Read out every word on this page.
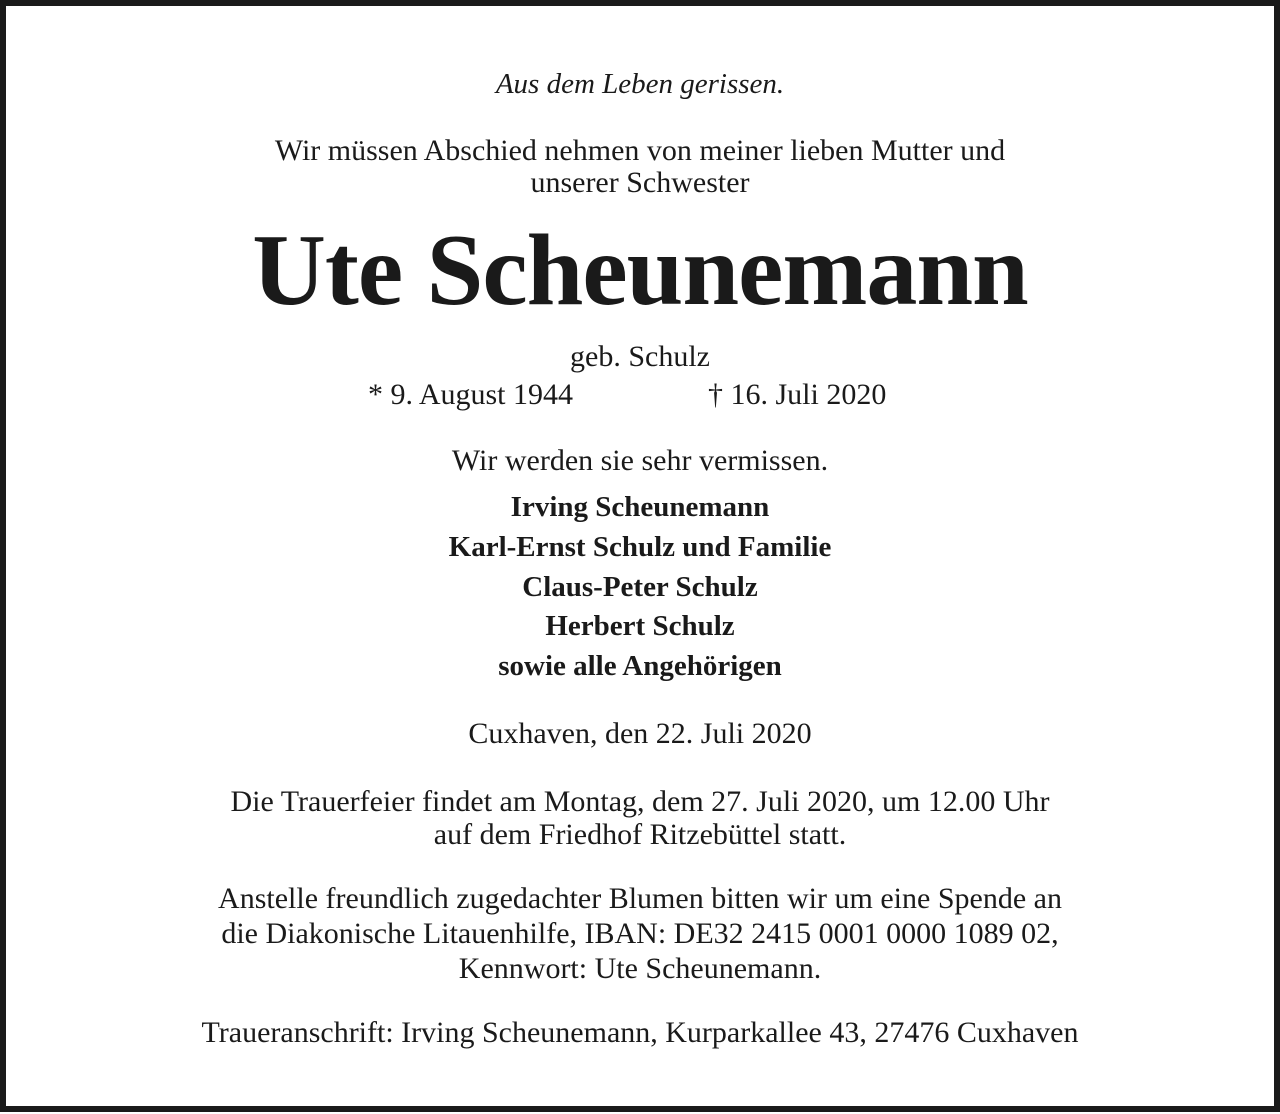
Aus dem Leben gerissen.
Wir müssen Abschied nehmen von meiner lieben Mutter und
unserer Schwester
Ute Scheunemann
geb. Schulz
* 9. August 1944	† 16. Juli 2020
Wir werden sie sehr vermissen.
Irving Scheunemann
Karl-Ernst Schulz und Familie
Claus-Peter Schulz
Herbert Schulz
sowie alle Angehörigen
Cuxhaven, den 22. Juli 2020
Die Trauerfeier findet am Montag, dem 27. Juli 2020, um 12.00 Uhr
auf dem Friedhof Ritzebüttel statt.
Anstelle freundlich zugedachter Blumen bitten wir um eine Spende an
die Diakonische Litauenhilfe, IBAN: DE32 2415 0001 0000 1089 02,
Kennwort: Ute Scheunemann.
Traueranschrift: Irving Scheunemann, Kurparkallee 43, 27476 Cuxhaven
